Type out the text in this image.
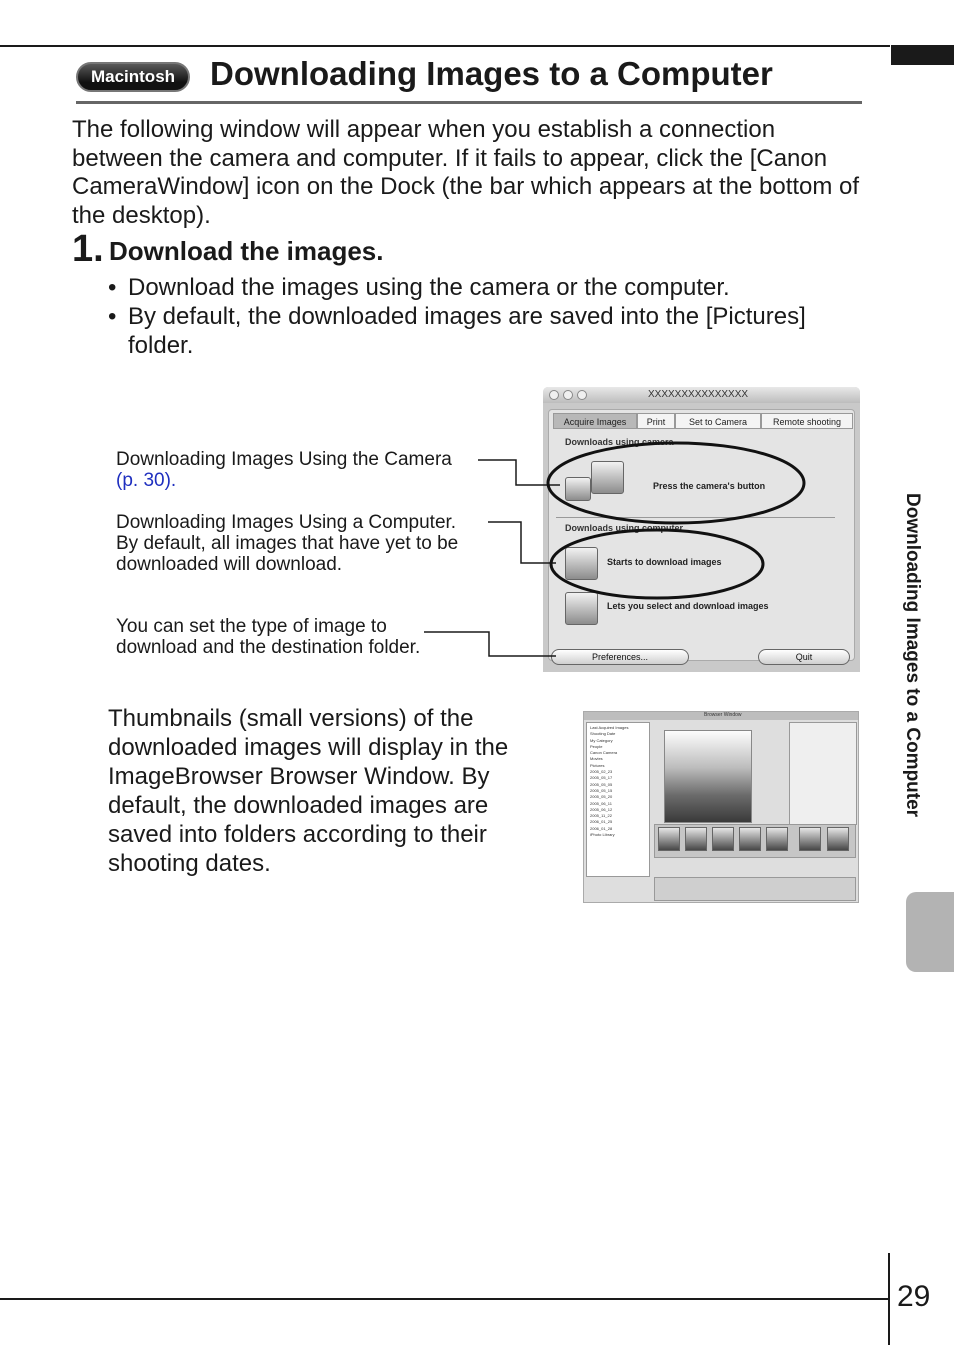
Macintosh	Downloading Images to a Computer
The following window will appear when you establish a connection between the camera and computer. If it fails to appear, click the [Canon CameraWindow] icon on the Dock (the bar which appears at the bottom of the desktop).
1. Download the images.
• Download the images using the camera or the computer.
• By default, the downloaded images are saved into the [Pictures] folder.
Downloading Images Using the Camera
(p. 30).
Downloading Images Using a Computer.
By default, all images that have yet to be
downloaded will download.
You can set the type of image to
download and the destination folder.
XXXXXXXXXXXXXXX
Acquire Images	Print	Set to Camera	Remote shooting
Downloads using camera
Press the camera's button
Downloads using computer
Starts to download images
Lets you select and download images
Preferences...	Quit
Thumbnails (small versions) of the downloaded images will display in the ImageBrowser Browser Window. By default, the downloaded images are saved into folders according to their shooting dates.
Browser Window
Last Acquired Images
Shooting Date
My Category
People
Canon Camera
Movies
Pictures
2005_02_23
2005_05_17
2005_05_05
2005_05_15
2005_05_20
2005_06_11
2005_06_12
2005_11_22
2006_01_25
2006_01_28
iPhoto Library
Downloading Images to a Computer
29
